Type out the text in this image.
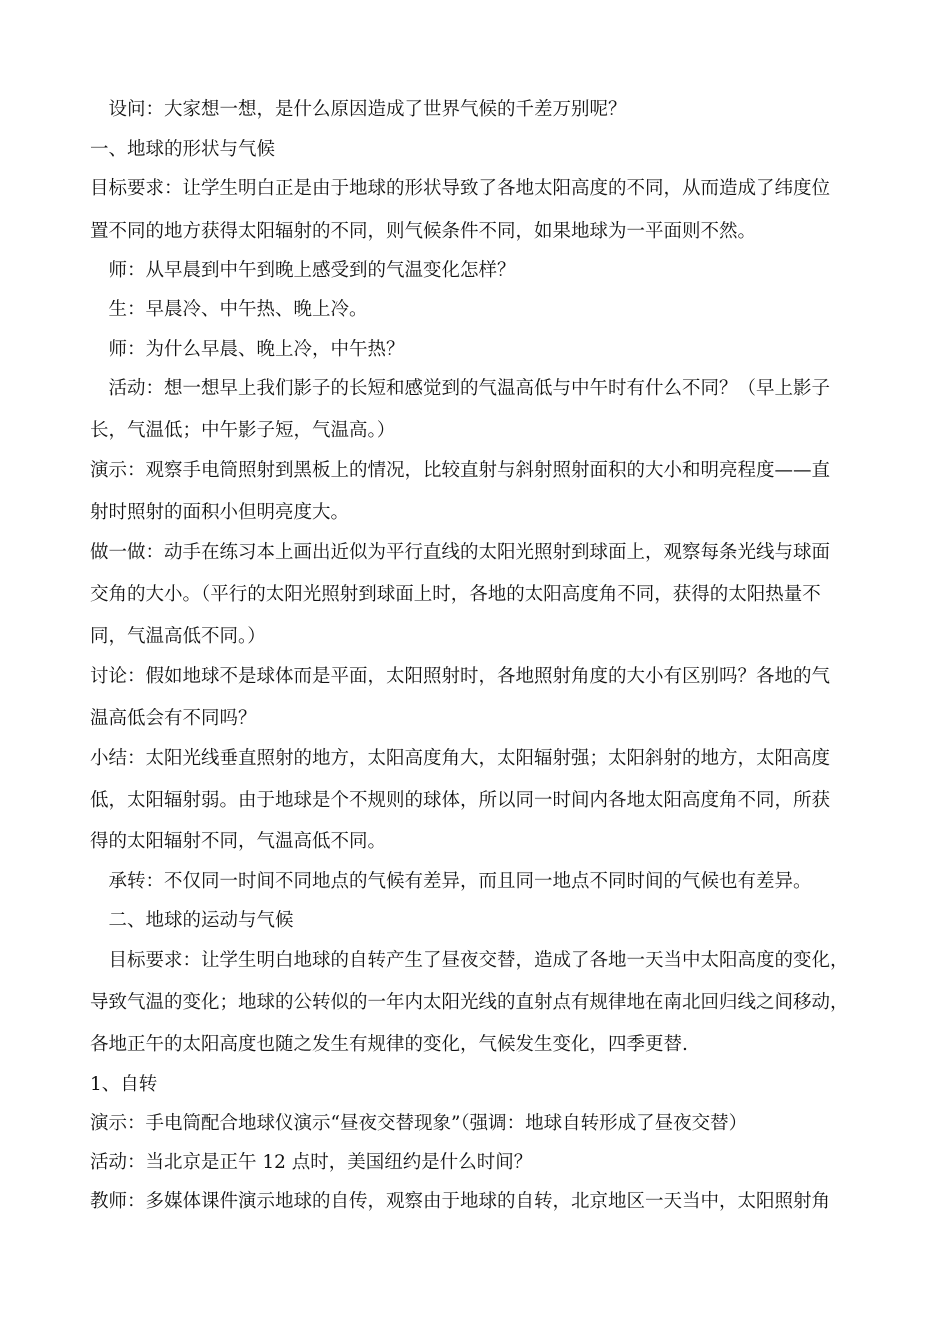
　设问：大家想一想，是什么原因造成了世界气候的千差万别呢？
一、地球的形状与气候
目标要求：让学生明白正是由于地球的形状导致了各地太阳高度的不同，从而造成了纬度位
置不同的地方获得太阳辐射的不同，则气候条件不同，如果地球为一平面则不然。
　师：从早晨到中午到晚上感受到的气温变化怎样？
　生：早晨冷、中午热、晚上冷。
　师：为什么早晨、晚上冷，中午热？
　活动：想一想早上我们影子的长短和感觉到的气温高低与中午时有什么不同？（早上影子
长，气温低；中午影子短，气温高。）
演示：观察手电筒照射到黑板上的情况，比较直射与斜射照射面积的大小和明亮程度——直
射时照射的面积小但明亮度大。
做一做：动手在练习本上画出近似为平行直线的太阳光照射到球面上，观察每条光线与球面
交角的大小。（平行的太阳光照射到球面上时，各地的太阳高度角不同，获得的太阳热量不
同，气温高低不同。）
讨论：假如地球不是球体而是平面，太阳照射时，各地照射角度的大小有区别吗？各地的气
温高低会有不同吗？
小结：太阳光线垂直照射的地方，太阳高度角大，太阳辐射强；太阳斜射的地方，太阳高度
低，太阳辐射弱。由于地球是个不规则的球体，所以同一时间内各地太阳高度角不同，所获
得的太阳辐射不同，气温高低不同。
　承转：不仅同一时间不同地点的气候有差异，而且同一地点不同时间的气候也有差异。
　二、地球的运动与气候
　目标要求：让学生明白地球的自转产生了昼夜交替，造成了各地一天当中太阳高度的变化，
导致气温的变化；地球的公转似的一年内太阳光线的直射点有规律地在南北回归线之间移动，
各地正午的太阳高度也随之发生有规律的变化，气候发生变化，四季更替.
1、自转
演示：手电筒配合地球仪演示“昼夜交替现象”（强调：地球自转形成了昼夜交替）
活动：当北京是正午 12 点时，美国纽约是什么时间？
教师：多媒体课件演示地球的自传，观察由于地球的自转，北京地区一天当中，太阳照射角
